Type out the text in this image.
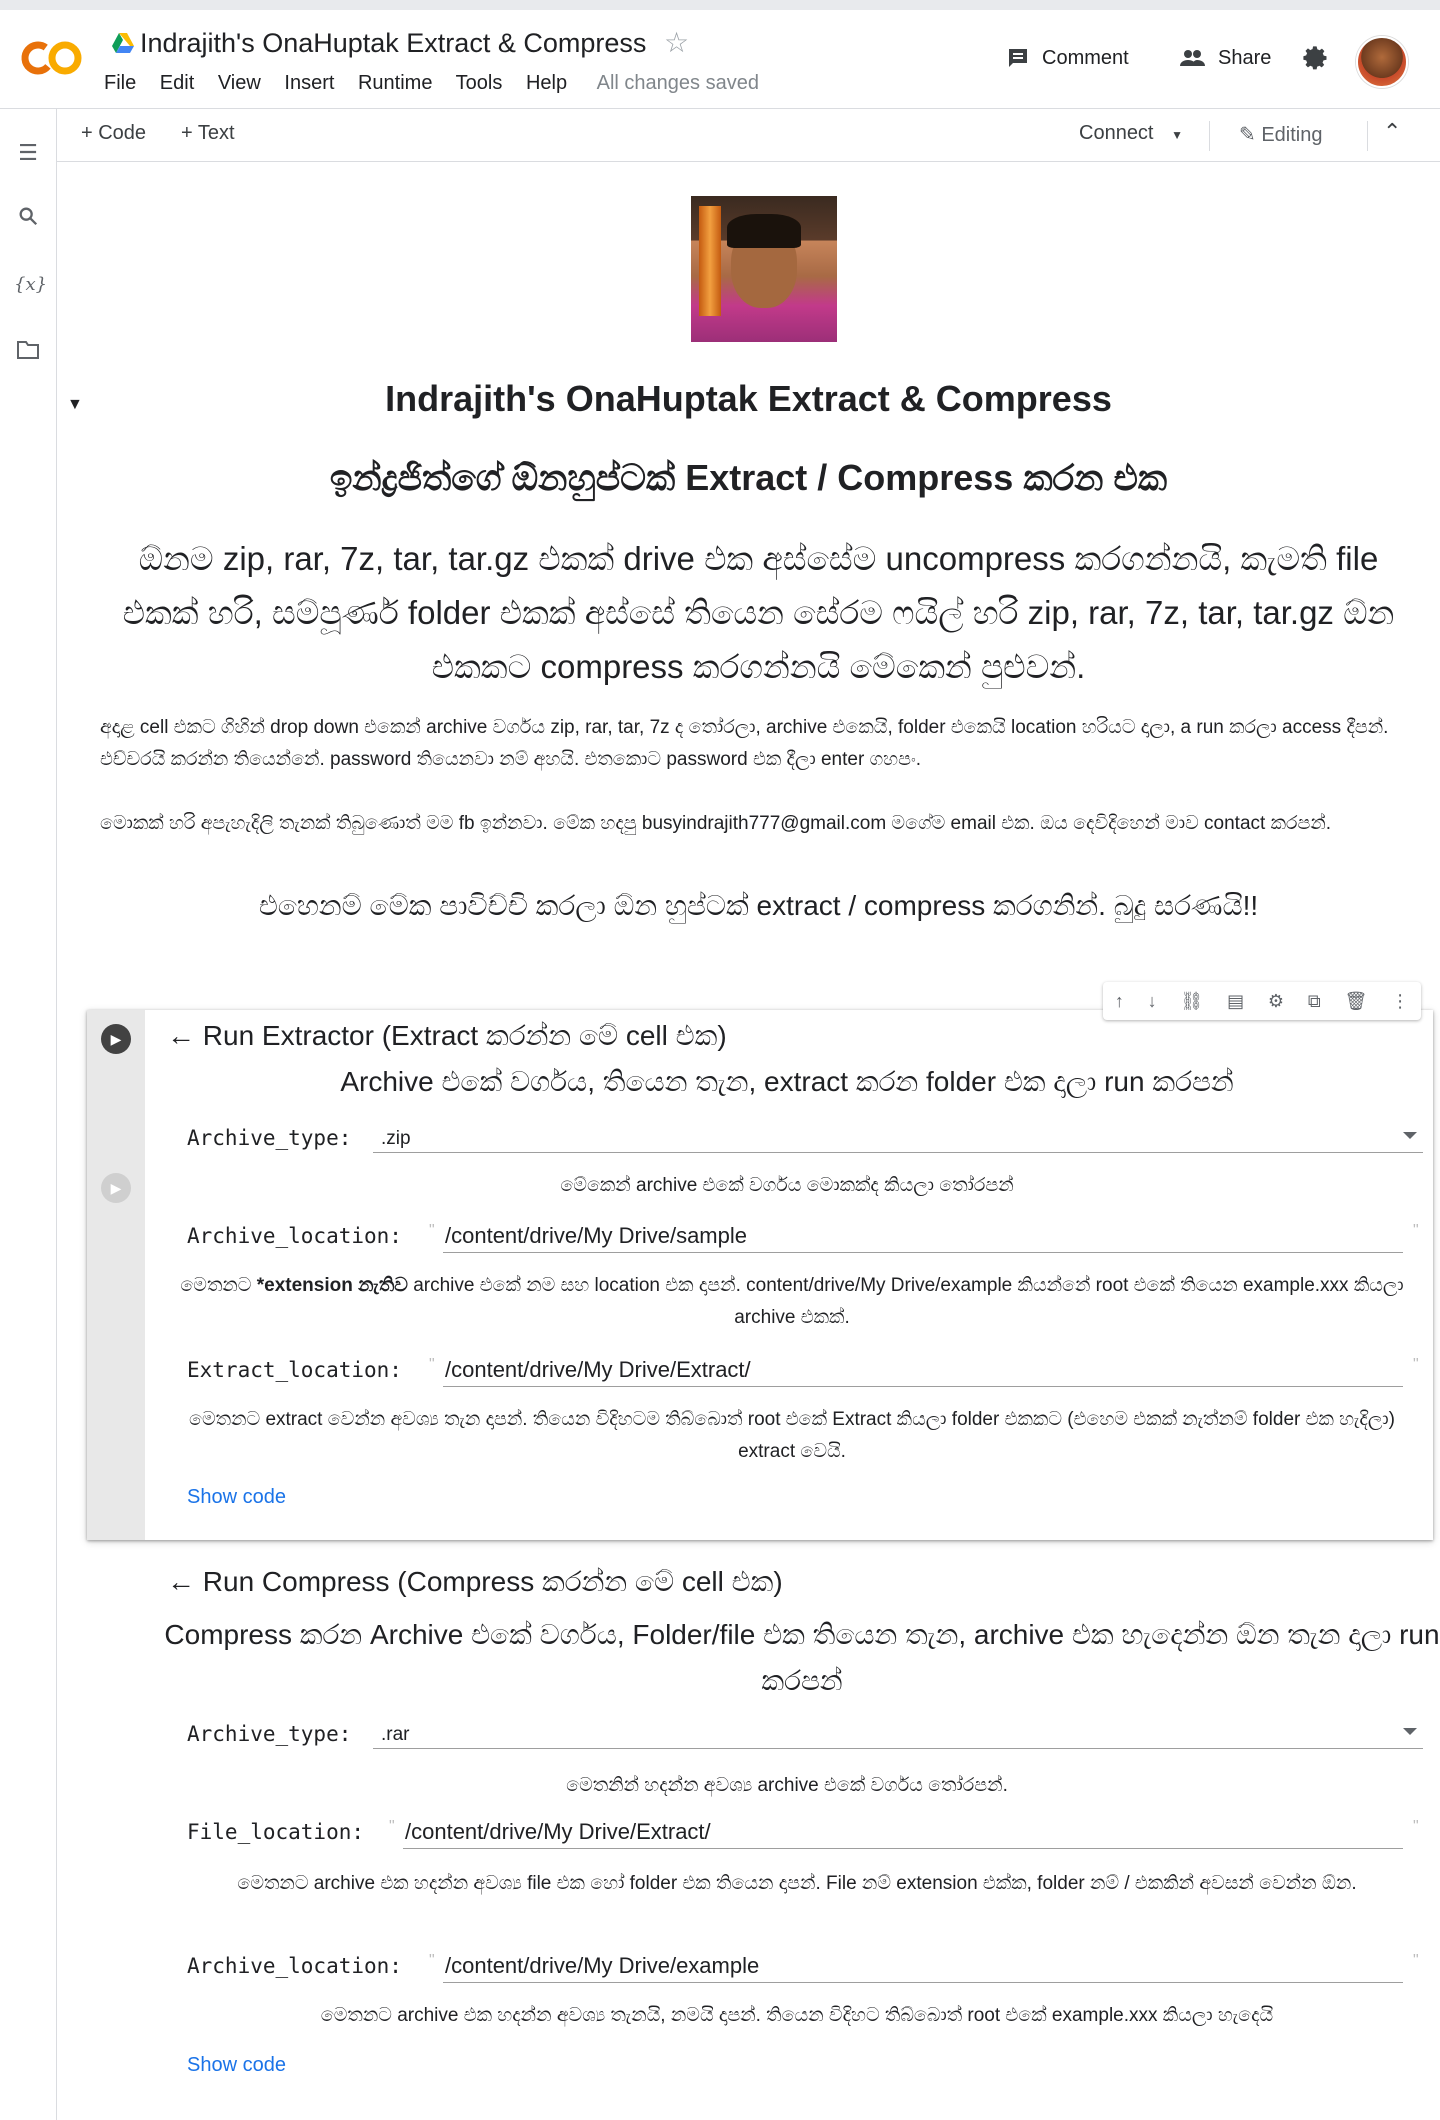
Indrajith's OnaHuptak Extract & Compress ☆
File Edit View Insert Runtime Tools Help All changes saved
Comment	Share
☰
{x}
+ Code + Text	Connect ▼	✎ Editing	⌃
▼	Indrajith's OnaHuptak Extract & Compress
ඉන්ද්‍රජිත්ගේ ඕනහුප්ටක් Extract / Compress කරන එක
ඕනම zip, rar, 7z, tar, tar.gz එකක් drive එක අස්සේම uncompress කරගන්නයි, කැමති file එකක් හරි, සම්පූර්ණ folder එකක් අස්සේ තියෙන සේරම ෆයිල් හරි zip, rar, 7z, tar, tar.gz ඕන එකකට compress කරගන්නයි මේකෙන් පුළුවන්.
අදාළ cell එකට ගිහින් drop down එකෙන් archive වර්ගය zip, rar, tar, 7z ද තෝරලා, archive එකෙයි, folder එකෙයි location හරියට දාලා, a run කරලා access දීපන්. එච්චරයි කරන්න තියෙන්නේ. password තියෙනවා නම් අහයි. එතකොට password එක දීලා enter ගහපං.
මොකක් හරි අපැහැදිලි තැනක් තිබුණොත් මම fb ඉන්නවා. මේක හදපු busyindrajith777@gmail.com මගේම email එක. ඔය දෙවිදිහෙන් මාව contact කරපන්.
එහෙනම් මේක පාවිච්චි කරලා ඕන හුප්ටක් extract / compress කරගනින්. බුදු සරණයි!!
↑ ↓ ⛓ ▤ ⚙ ⧉ 🗑 ⋮
▶	← Run Extractor (Extract කරන්න මේ cell එක)
Archive එකේ වර්ගය, තියෙන තැන, extract කරන folder එක දාලා run කරපන්
Archive_type: .zip
මේකෙන් archive එකේ වර්ගය මොකක්ද කියලා තෝරපන්
Archive_location: " /content/drive/My Drive/sample	"
මෙතනට *extension නැතිව archive එකේ නම සහ location එක දාපන්. content/drive/My Drive/example කියන්නේ root එකේ තියෙන example.xxx කියලා archive එකක්.
Extract_location: " /content/drive/My Drive/Extract/	"
මෙතනට extract වෙන්න අවශ්‍ය තැන දාපන්. තියෙන විදිහටම තිබ්බොත් root එකේ Extract කියලා folder එකකට (එහෙම එකක් නැත්නම් folder එක හැදිලා) extract වෙයි.
Show code
▶
← Run Compress (Compress කරන්න මේ cell එක)
Compress කරන Archive එකේ වර්ගය, Folder/file එක තියෙන තැන, archive එක හැදෙන්න ඕන තැන දාලා run කරපන්
Archive_type: .rar
මෙතනින් හදන්න අවශ්‍ය archive එකේ වර්ගය තෝරපන්.
File_location: " /content/drive/My Drive/Extract/	"
මෙතනට archive එක හදන්න අවශ්‍ය file එක හෝ folder එක තියෙන දාපන්. File නම් extension එක්ක, folder නම් / එකකින් අවසන් වෙන්න ඕන.
Archive_location: " /content/drive/My Drive/example	"
මෙතනට archive එක හදන්න අවශ්‍ය තැනයි, නමයි දාපන්. තියෙන විදිහට තිබ්බොත් root එකේ example.xxx කියලා හැදෙයි
Show code
